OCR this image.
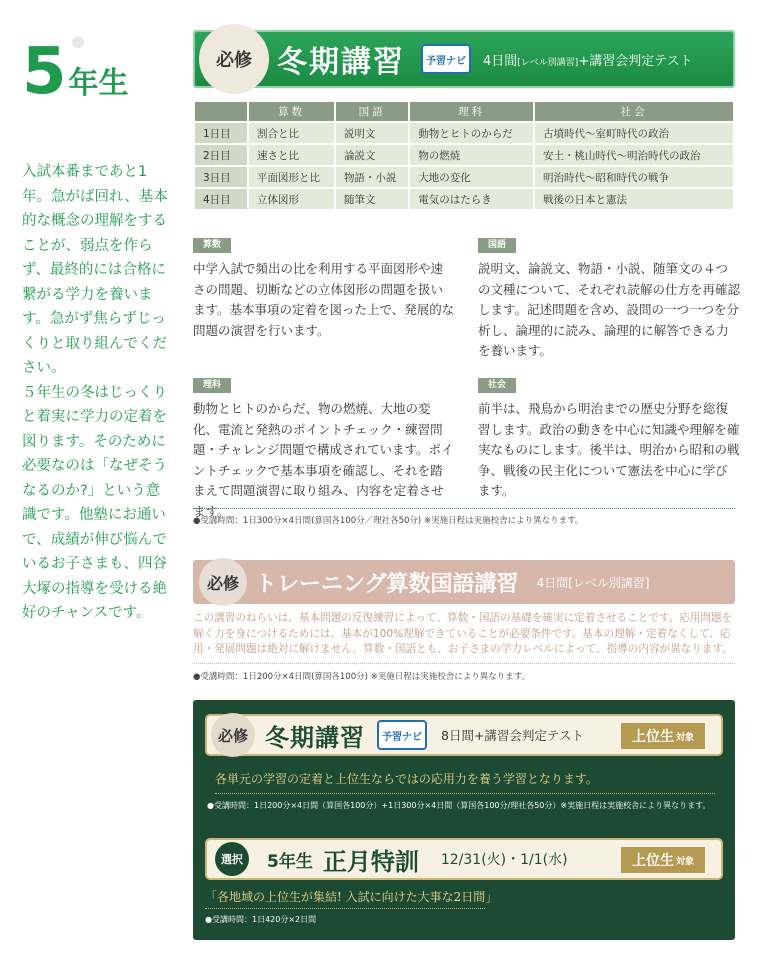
5 年生

入試本番まであと1年。急がば回れ、基本的な概念の理解をすることが、弱点を作らず、最終的には合格に繋がる学力を養います。急がず焦らずじっくりと取り組んでください。

５年生の冬はじっくりと着実に学力の定着を図ります。そのために必要なのは「なぜそうなるのか?」という意識です。他塾にお通いで、成績が伸び悩んでいるお子さまも、四谷大塚の指導を受ける絶好のチャンスです。

必修 冬期講習	予習ナビ	4日間[レベル別講習]+講習会判定テスト
	算数	国語	理科	社会
1日目	割合と比	説明文	動物とヒトのからだ	古墳時代〜室町時代の政治
2日目	速さと比	論説文	物の燃焼	安土・桃山時代〜明治時代の政治
3日目	平面図形と比	物語・小説	大地の変化	明治時代〜昭和時代の戦争
4日目	立体図形	随筆文	電気のはたらき	戦後の日本と憲法
算数

中学入試で頻出の比を利用する平面図形や速さの問題、切断などの立体図形の問題を扱います。基本事項の定着を図った上で、発展的な問題の演習を行います。

国語

説明文、論説文、物語・小説、随筆文の４つの文種について、それぞれ読解の仕方を再確認します。記述問題を含め、設問の一つ一つを分析し、論理的に読み、論理的に解答できる力を養います。

理科

動物とヒトのからだ、物の燃焼、大地の変化、電流と発熱のポイントチェック・練習問題・チャレンジ問題で構成されています。ポイントチェックで基本事項を確認し、それを踏まえて問題演習に取り組み、内容を定着させます。

社会

前半は、飛鳥から明治までの歴史分野を総復習します。政治の動きを中心に知識や理解を確実なものにします。後半は、明治から昭和の戦争、戦後の民主化について憲法を中心に学びます。

●受講時間：1日300分×4日間(算国各100分／理社各50分) ※実施日程は実施校舎により異なります。
必修 トレーニング算数国語講習 4日間[レベル別講習]
この講習のねらいは、基本問題の反復練習によって、算数・国語の基礎を確実に定着させることです。応用問題を解く力を身につけるためには、基本が100%理解できていることが必要条件です。基本の理解・定着なくして、応用・発展問題は絶対に解けません。算数・国語とも、お子さまの学力レベルによって、指導の内容が異なります。
●受講時間：1日200分×4日間(算国各100分) ※実施日程は実施校舎により異なります。
必修 冬期講習	予習ナビ	8日間+講習会判定テスト	上位生 対象
各単元の学習の定着と上位生ならではの応用力を養う学習となります。
●受講時間：1日200分×4日間（算国各100分）+1日300分×4日間（算国各100分/理社各50分）※実施日程は実施校舎により異なります。
選択	5年生 正月特訓 12/31(火)・1/1(水)	上位生 対象
「各地域の上位生が集結! 入試に向けた大事な2日間」
●受講時間：1日420分×2日間
